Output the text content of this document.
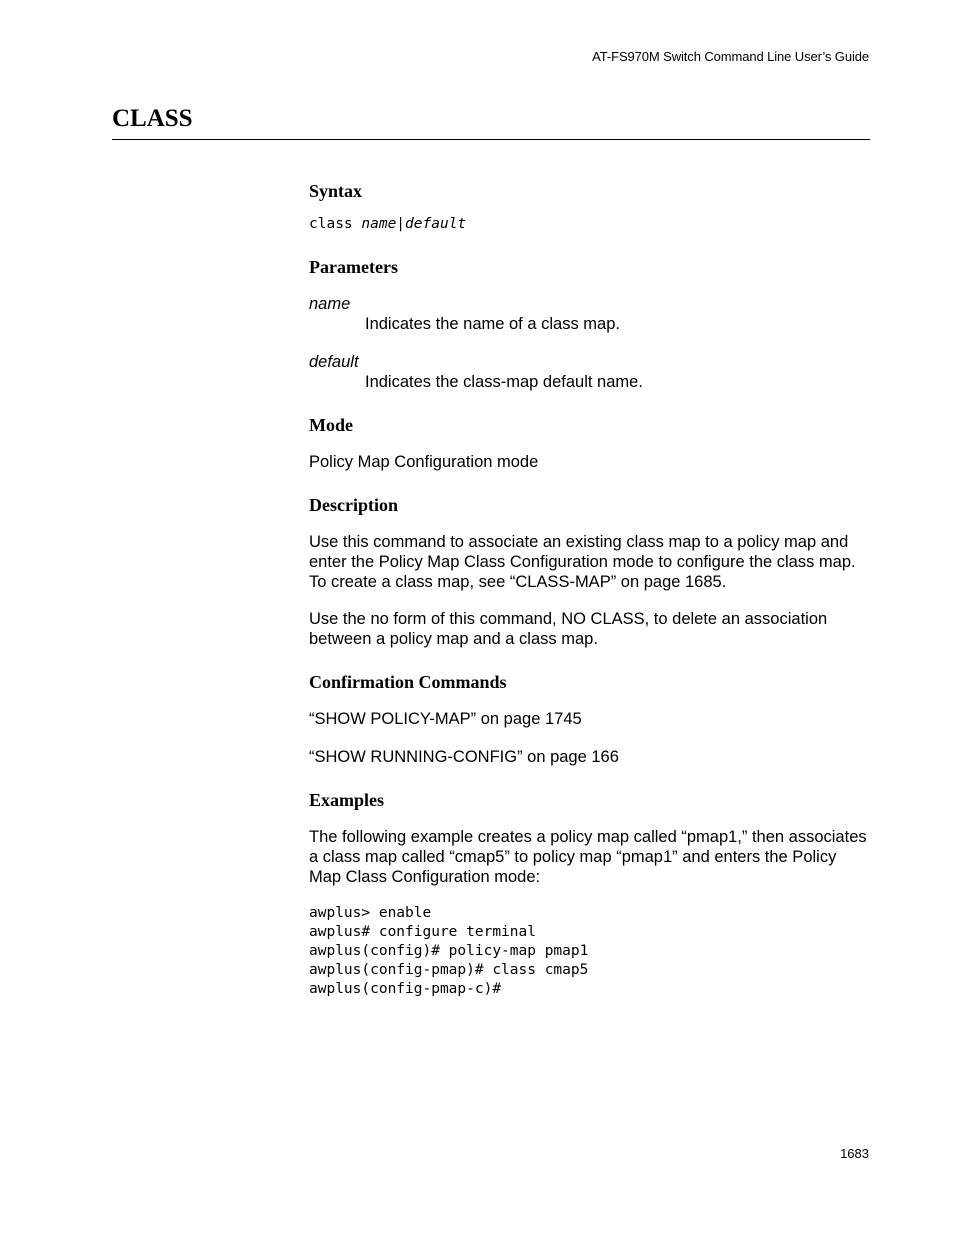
AT-FS970M Switch Command Line User’s Guide
CLASS
Syntax
class name|default
Parameters
name
Indicates the name of a class map.
default
Indicates the class-map default name.
Mode
Policy Map Configuration mode
Description
Use this command to associate an existing class map to a policy map and enter the Policy Map Class Configuration mode to configure the class map. To create a class map, see “CLASS-MAP” on page 1685.
Use the no form of this command, NO CLASS, to delete an association between a policy map and a class map.
Confirmation Commands
“SHOW POLICY-MAP” on page 1745
“SHOW RUNNING-CONFIG” on page 166
Examples
The following example creates a policy map called “pmap1,” then associates a class map called “cmap5” to policy map “pmap1” and enters the Policy Map Class Configuration mode:
awplus> enable
awplus# configure terminal
awplus(config)# policy-map pmap1
awplus(config-pmap)# class cmap5
awplus(config-pmap-c)#
1683
